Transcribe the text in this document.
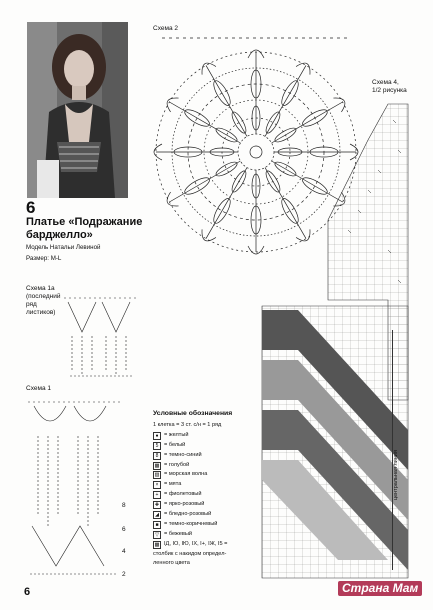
6
Платье «Подражание
барджелло»
Модель Натальи Левиной
Размер: M-L
Схема 2
Схема 4,
1/2 рисунка
Схема 1а
(последний
ряд
листиков)
Схема 1
8
6
4
2
центральная линия
Условные обозначения
1 клетка = 3 ст. с/н = 1 ряд
● = желтый
5	= белый
8	= темно-синий
▩ = голубой
▨ = морская волна
× = мята
+ = фиолетовый
✚ = ярко-розовый
◢ = бледно-розовый
■ = темно-коричневый
▽ = бежевый
▩ IД, IО, IЮ, IХ, I+, IЖ, I5 =
столбик с накидом определ-
ленного цвета
6	Страна Мам
